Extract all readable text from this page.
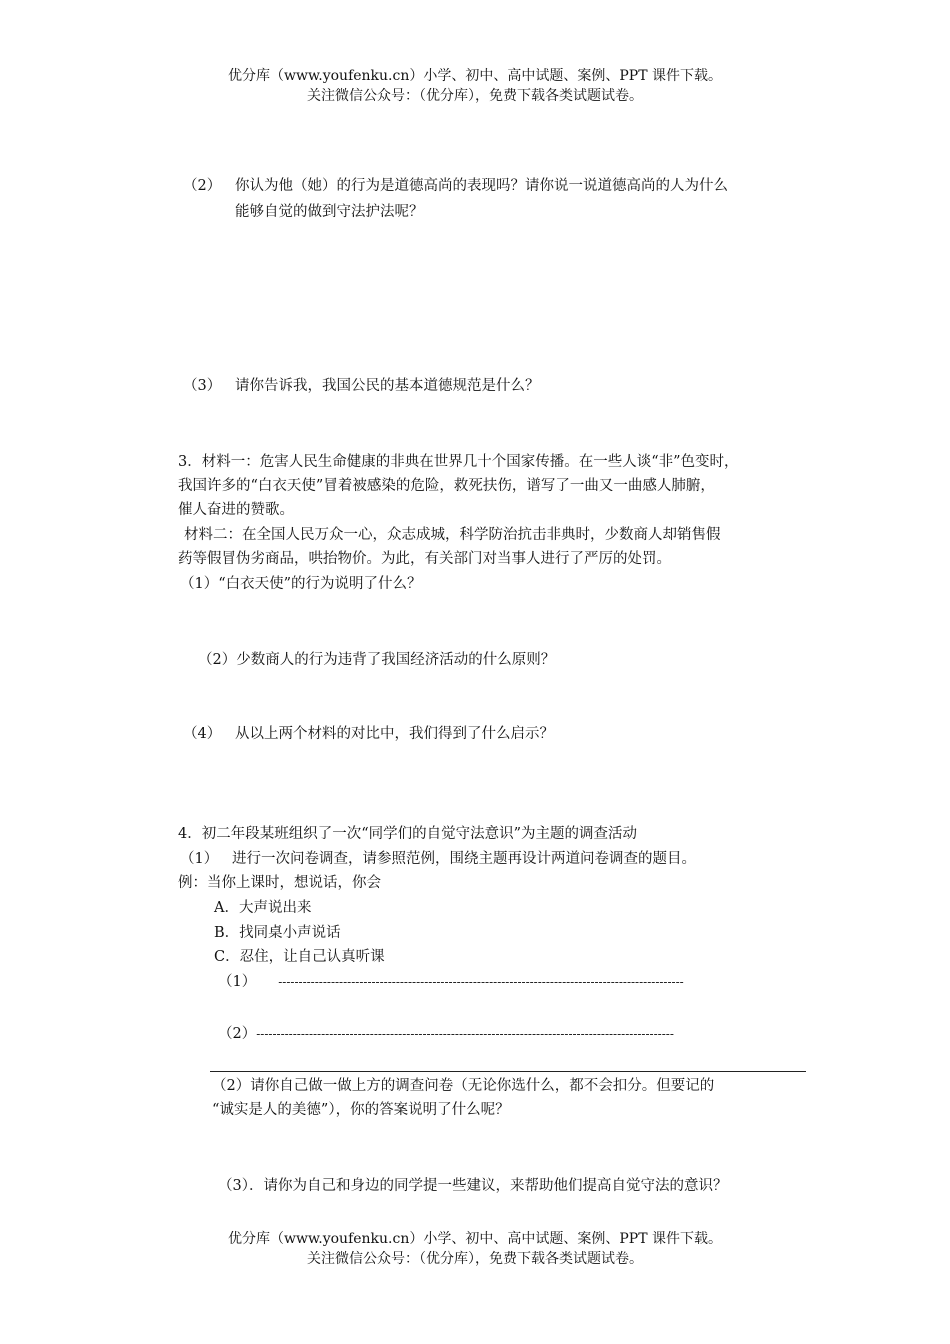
优分库（www.youfenku.cn）小学、初中、高中试题、案例、PPT 课件下载。
关注微信公众号：（优分库），免费下载各类试题试卷。
（2） 你认为他（她）的行为是道德高尚的表现吗？请你说一说道德高尚的人为什么
能够自觉的做到守法护法呢？
（3） 请你告诉我，我国公民的基本道德规范是什么？
3．材料一：危害人民生命健康的非典在世界几十个国家传播。在一些人谈“非”色变时，
我国许多的“白衣天使”冒着被感染的危险，救死扶伤，谱写了一曲又一曲感人肺腑，
催人奋进的赞歌。
材料二：在全国人民万众一心，众志成城，科学防治抗击非典时，少数商人却销售假
药等假冒伪劣商品，哄抬物价。为此，有关部门对当事人进行了严厉的处罚。
（1）“白衣天使”的行为说明了什么？
（2）少数商人的行为违背了我国经济活动的什么原则？
（4） 从以上两个材料的对比中，我们得到了什么启示？
4．初二年段某班组织了一次“同学们的自觉守法意识”为主题的调查活动
（1） 进行一次问卷调查，请参照范例，围绕主题再设计两道问卷调查的题目。
例：当你上课时，想说话，你会
A．大声说出来
B．找同桌小声说话
C．忍住，让自己认真听课
（1） ----------------------------------------------------------------------------------------------------
（2）-------------------------------------------------------------------------------------------------------
（2）请你自己做一做上方的调查问卷（无论你选什么，都不会扣分。但要记的
“诚实是人的美德”），你的答案说明了什么呢？
（3）．请你为自己和身边的同学提一些建议，来帮助他们提高自觉守法的意识？
优分库（www.youfenku.cn）小学、初中、高中试题、案例、PPT 课件下载。
关注微信公众号：（优分库），免费下载各类试题试卷。
